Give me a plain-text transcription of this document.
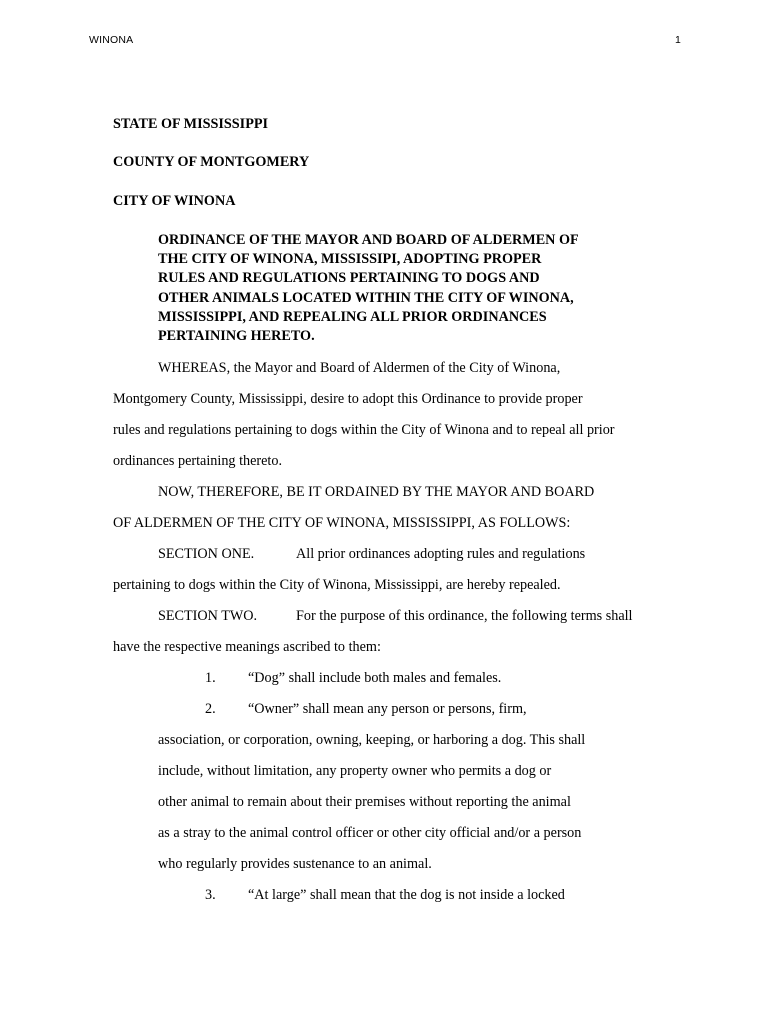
WINONA	1
STATE OF MISSISSIPPI
COUNTY OF MONTGOMERY
CITY OF WINONA
ORDINANCE OF THE MAYOR AND BOARD OF ALDERMEN OF
THE CITY OF WINONA, MISSISSIPI, ADOPTING PROPER
RULES AND REGULATIONS PERTAINING TO DOGS AND
OTHER ANIMALS LOCATED WITHIN THE CITY OF WINONA,
MISSISSIPPI, AND REPEALING ALL PRIOR ORDINANCES
PERTAINING HERETO.
WHEREAS, the Mayor and Board of Aldermen of the City of Winona,
Montgomery County, Mississippi, desire to adopt this Ordinance to provide proper
rules and regulations pertaining to dogs within the City of Winona and to repeal all prior
ordinances pertaining thereto.
NOW, THEREFORE, BE IT ORDAINED BY THE MAYOR AND BOARD
OF ALDERMEN OF THE CITY OF WINONA, MISSISSIPPI, AS FOLLOWS:
SECTION ONE.	All prior ordinances adopting rules and regulations
pertaining to dogs within the City of Winona, Mississippi, are hereby repealed.
SECTION TWO.	For the purpose of this ordinance, the following terms shall
have the respective meanings ascribed to them:
1. “Dog” shall include both males and females.
2. “Owner” shall mean any person or persons, firm,
association, or corporation, owning, keeping, or harboring a dog. This shall
include, without limitation, any property owner who permits a dog or
other animal to remain about their premises without reporting the animal
as a stray to the animal control officer or other city official and/or a person
who regularly provides sustenance to an animal.
3. “At large” shall mean that the dog is not inside a locked
